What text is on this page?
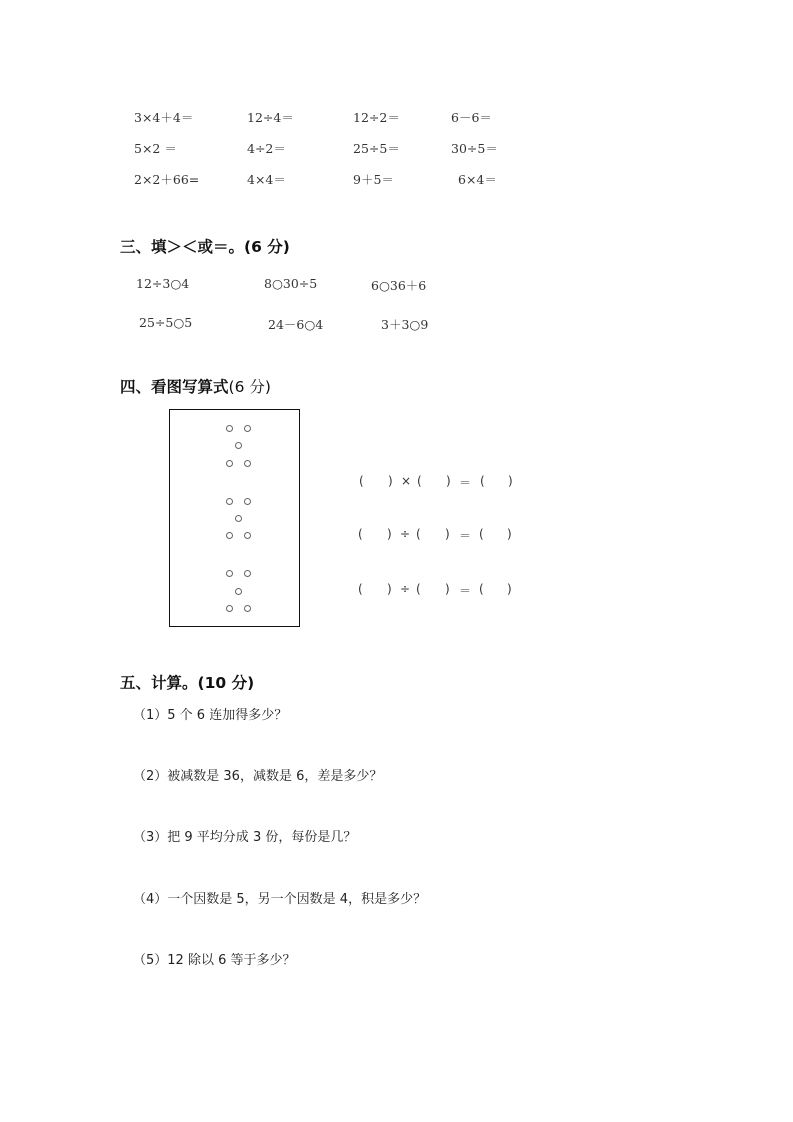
3×4＋4＝	12÷4＝	12÷2＝	6－6＝
5×2 ＝	4÷2＝	25÷5＝	30÷5＝
2×2＋66=	4×4＝	9＋5＝	6×4＝
三、填＞＜或＝。(6 分)
12÷3○4	8○30÷5	6○36＋6
25÷5○5	24－6○4	3＋3○9
四、看图写算式(6 分)
( ) × ( ) ＝ ( )
( ) ÷ ( ) ＝ ( )
( ) ÷ ( ) ＝ ( )
五、计算。(10 分)
（1）5 个 6 连加得多少？
（2）被减数是 36，减数是 6，差是多少？
（3）把 9 平均分成 3 份，每份是几？
（4）一个因数是 5，另一个因数是 4，积是多少？
（5）12 除以 6 等于多少？
